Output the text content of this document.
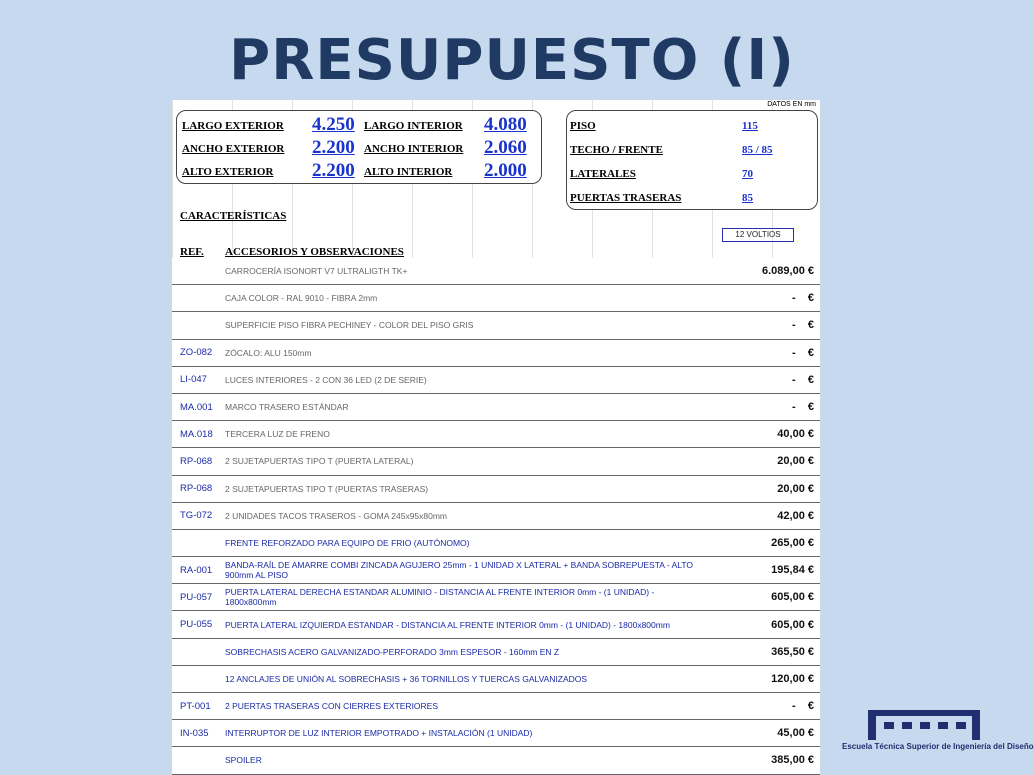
PRESUPUESTO (I)
DATOS EN mm
LARGO EXTERIOR 4.250 LARGO INTERIOR 4.080
ANCHO EXTERIOR 2.200 ANCHO INTERIOR 2.060
ALTO EXTERIOR 2.200 ALTO INTERIOR 2.000
PISO	115
TECHO / FRENTE	85 / 85
LATERALES	70
PUERTAS TRASERAS	85
CARACTERÍSTICAS
12 VOLTIOS
REF. ACCESORIOS Y OBSERVACIONES
CARROCERÍA ISONORT V7 ULTRALIGTH TK+	6.089,00 €
CAJA COLOR - RAL 9010 - FIBRA 2mm	-    €
SUPERFICIE PISO FIBRA PECHINEY - COLOR DEL PISO GRIS	-    €
ZO-082 ZÓCALO: ALU 150mm	-    €
LI-047 LUCES INTERIORES - 2 CON 36 LED (2 DE SERIE)	-    €
MA.001 MARCO TRASERO ESTÁNDAR	-    €
MA.018 TERCERA LUZ DE FRENO	40,00 €
RP-068 2 SUJETAPUERTAS TIPO T (PUERTA LATERAL)	20,00 €
RP-068 2 SUJETAPUERTAS TIPO T (PUERTAS TRASERAS)	20,00 €
TG-072 2 UNIDADES TACOS TRASEROS - GOMA 245x95x80mm	42,00 €
FRENTE REFORZADO PARA EQUIPO DE FRIO (AUTÓNOMO)	265,00 €
RA-001 BANDA-RAÍL DE AMARRE COMBI ZINCADA AGUJERO 25mm - 1 UNIDAD X LATERAL + BANDA SOBREPUESTA - ALTO 900mm AL PISO	195,84 €
PU-057 PUERTA LATERAL DERECHA ESTANDAR ALUMINIO - DISTANCIA AL FRENTE INTERIOR 0mm - (1 UNIDAD) - 1800x800mm	605,00 €
PU-055 PUERTA LATERAL IZQUIERDA ESTANDAR - DISTANCIA AL FRENTE INTERIOR 0mm - (1 UNIDAD) - 1800x800mm	605,00 €
SOBRECHASIS ACERO GALVANIZADO-PERFORADO 3mm ESPESOR - 160mm EN Z	365,50 €
12 ANCLAJES DE UNIÓN AL SOBRECHASIS + 36 TORNILLOS Y TUERCAS GALVANIZADOS	120,00 €
PT-001 2 PUERTAS TRASERAS CON CIERRES EXTERIORES	-    €
IN-035 INTERRUPTOR DE LUZ INTERIOR EMPOTRADO + INSTALACIÓN (1 UNIDAD)	45,00 €
SPOILER	385,00 €
Escuela Técnica Superior de Ingeniería del Diseño
